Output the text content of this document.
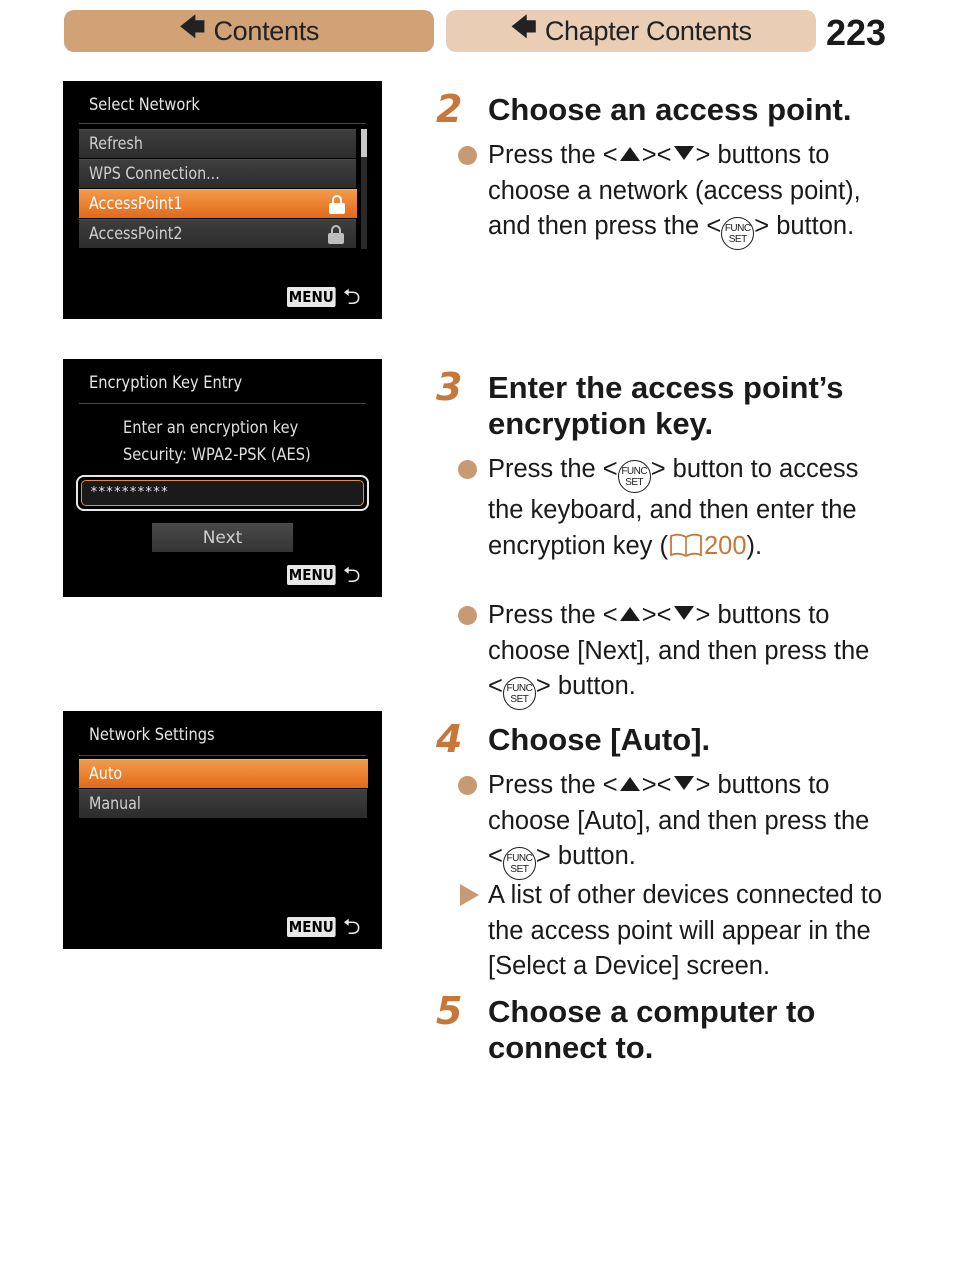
🡄 Contents	🡄 Chapter Contents 223
Select Network
Refresh
WPS Connection...
AccessPoint1
AccessPoint2
MENU ⮌
Encryption Key Entry
Enter an encryption key
Security: WPA2-PSK (AES)
**********
Next
MENU ⮌
Network Settings
Auto
Manual
MENU ⮌
2 Choose an access point.
Press the < >< > buttons to choose a network (access point), and then press the < FUNC
SET > button.
3 Enter the access point’s encryption key.
Press the < FUNC
SET > button to access the keyboard, and then enter the encryption key ( 200).
Press the < >< > buttons to choose [Next], and then press the < FUNC
SET > button.
4 Choose [Auto].
Press the < >< > buttons to choose [Auto], and then press the < FUNC
SET > button.
A list of other devices connected to the access point will appear in the [Select a Device] screen.
5 Choose a computer to connect to.
